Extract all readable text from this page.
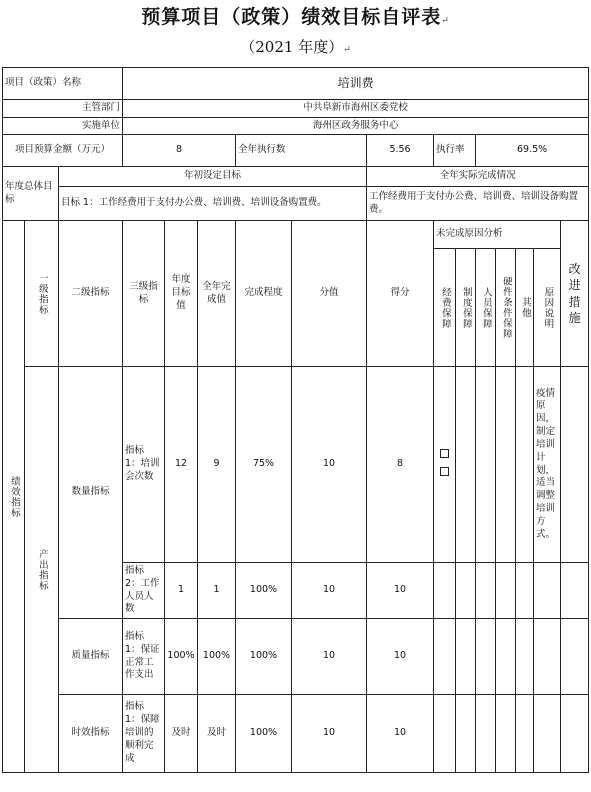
预算项目（政策）绩效目标自评表↵
（2021 年度）↵
项目（政策）名称			培训费												
主管部门			中共阜新市海州区委党校												
实施单位			海州区政务服务中心												
项目预算金额（万元）			8			全年执行数		5.56	执行率		69.5%				
年度总体目标		年初设定目标						全年实际完成情况							
		目标 1：工作经费用于支付办公费、培训费、培训设备购置费。						工作经费用于支付办公费、培训费、培训设备购置费。							

绩效指标	一级指标	二级指标	三级指标	年度目标值	全年完成值	完成程度	分值	得分	未完成原因分析						改进措施

									经费保障	制度保障	人员保障	硬件条件保障	其他	原因说明	

	产出指标	数量指标	指标 1：培训会次数	12	9	75%	10	8						疫情原因，制定培训计划，适当调整培训方式。	
			指标 2：工作人员人数	1	1	100%	10	10							
		质量指标	指标 1：保证正常工作支出	100%	100%	100%	10	10							
		时效指标	指标 1：保障培训的顺利完成	及时	及时	100%	10	10							
